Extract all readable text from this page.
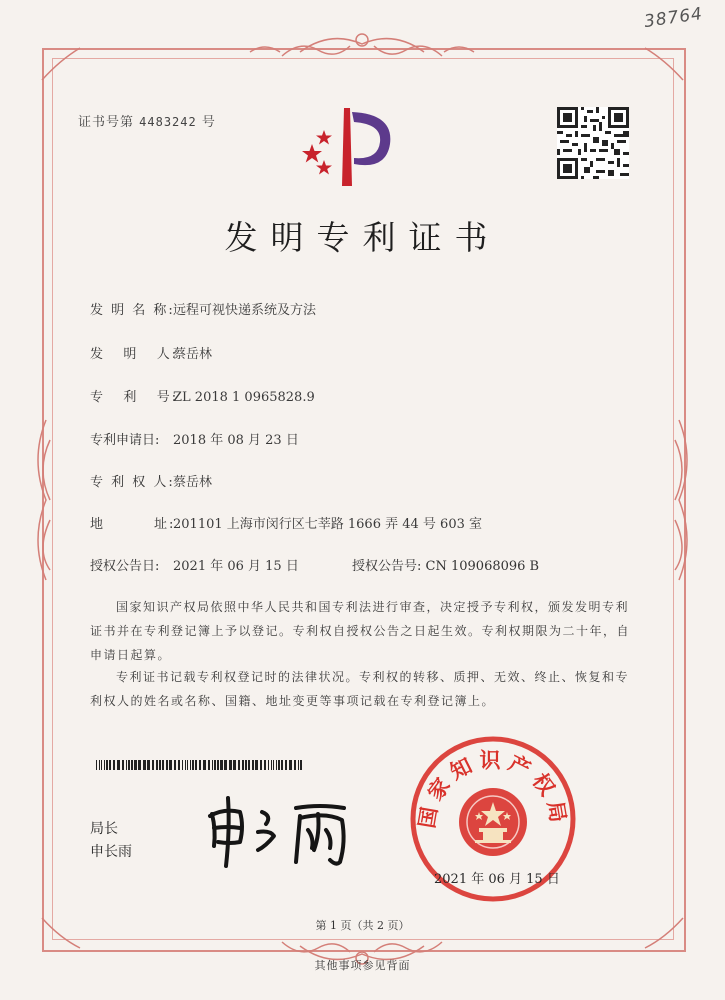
38764
证书号第 4483242 号
发明专利证书
发 明 名 称:远程可视快递系统及方法
发   明   人:蔡岳林
专   利   号:ZL 2018 1 0965828.9
专利申请日: 2018 年 08 月 23 日
专 利 权 人:蔡岳林
地        址:201101 上海市闵行区七莘路 1666 弄 44 号 603 室
授权公告日: 2021 年 06 月 15 日	授权公告号: CN 109068096 B
国家知识产权局依照中华人民共和国专利法进行审查，决定授予专利权，颁发发明专利证书并在专利登记簿上予以登记。专利权自授权公告之日起生效。专利权期限为二十年，自申请日起算。
专利证书记载专利权登记时的法律状况。专利权的转移、质押、无效、终止、恢复和专利权人的姓名或名称、国籍、地址变更等事项记载在专利登记簿上。
局长
申长雨
国家知识产权局
2021 年 06 月 15 日
第 1 页（共 2 页）
其他事项参见背面
